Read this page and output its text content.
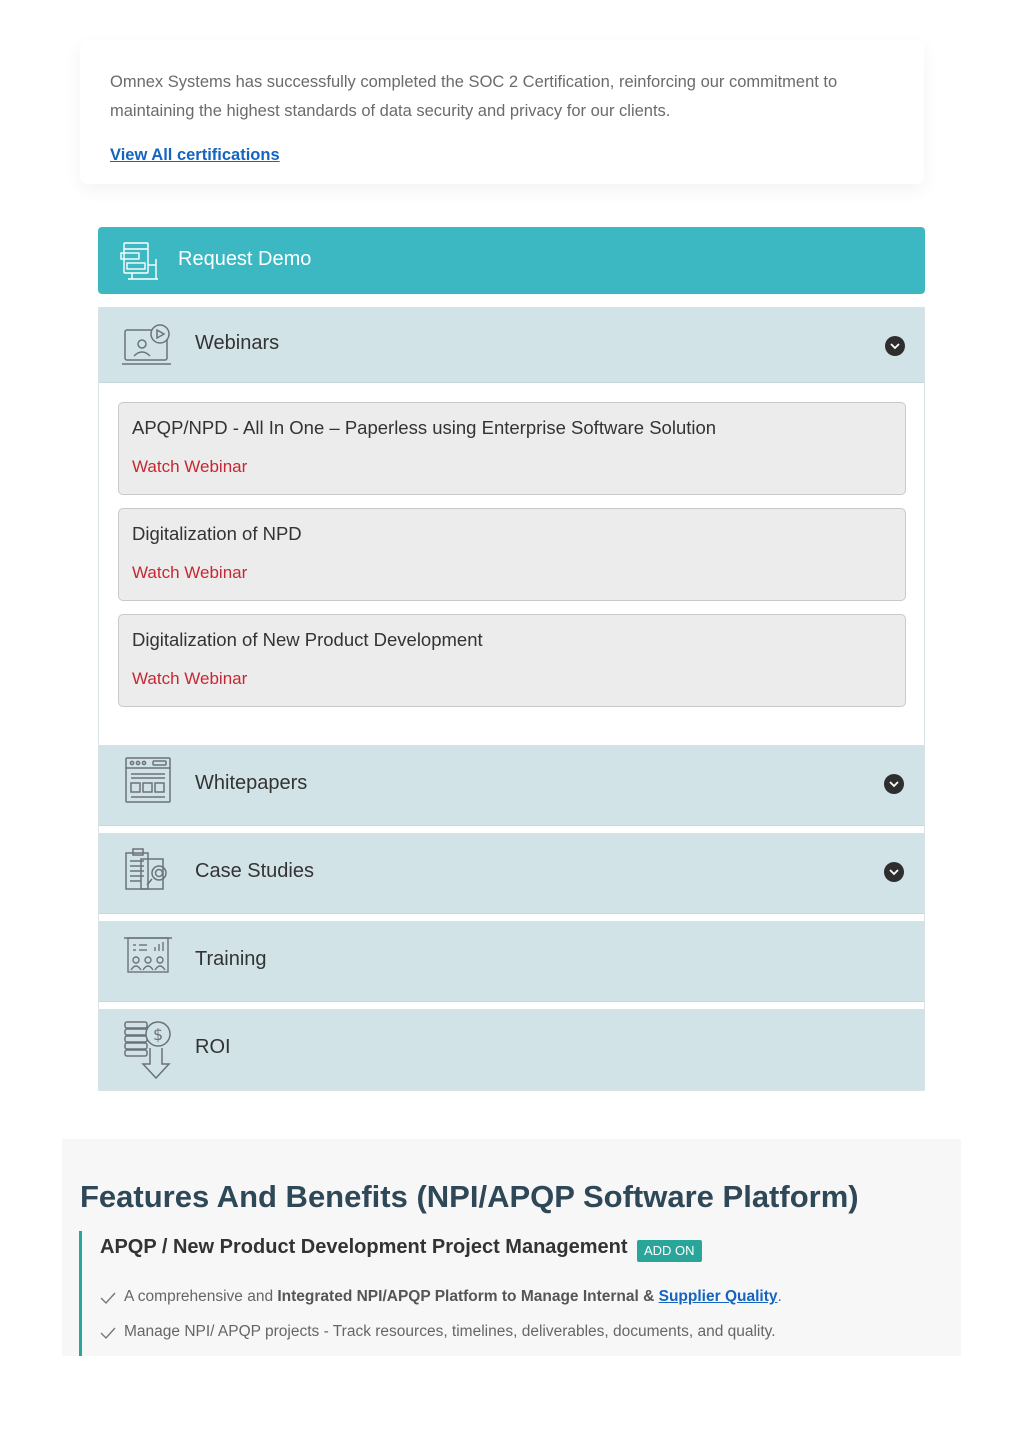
Omnex Systems has successfully completed the SOC 2 Certification, reinforcing our commitment to maintaining the highest standards of data security and privacy for our clients.

View All certifications
Request Demo
Webinars
APQP/NPD - All In One – Paperless using Enterprise Software Solution
Watch Webinar
Digitalization of NPD
Watch Webinar
Digitalization of New Product Development
Watch Webinar
Whitepapers
Case Studies
Training
$
ROI
Features And Benefits (NPI/APQP Software Platform)
APQP / New Product Development Project Management	ADD ON
A comprehensive and Integrated NPI/APQP Platform to Manage Internal & Supplier Quality.
Manage NPI/ APQP projects - Track resources, timelines, deliverables, documents, and quality.
